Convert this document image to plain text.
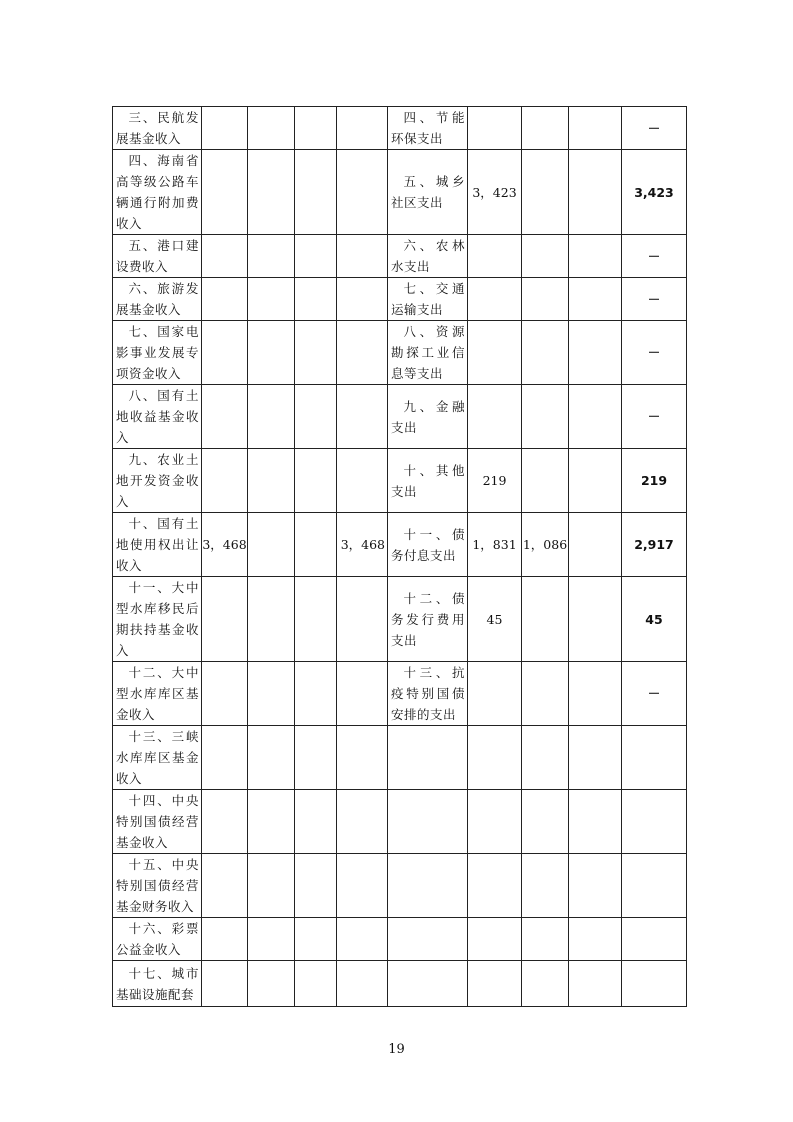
三、民航发展基金收入					四、节能环保支出				－

四、海南省高等级公路车辆通行附加费收入					五、城乡社区支出	3，423			3,423

五、港口建设费收入					六、农林水支出				－

六、旅游发展基金收入					七、交通运输支出				－

七、国家电影事业发展专项资金收入					八、资源勘探工业信息等支出				－

八、国有土地收益基金收入					九、金融支出				－

九、农业土地开发资金收入					十、其他支出	219			219

十、国有土地使用权出让收入	3，468			3，468	十一、债务付息支出	1，831	1，086		2,917

十一、大中型水库移民后期扶持基金收入					十二、债务发行费用支出	45			45

十二、大中型水库库区基金收入					十三、抗疫特别国债安排的支出				－

十三、三峡水库库区基金收入									

十四、中央特别国债经营基金收入									

十五、中央特别国债经营基金财务收入									

十六、彩票公益金收入									

十七、城市基础设施配套									

19
